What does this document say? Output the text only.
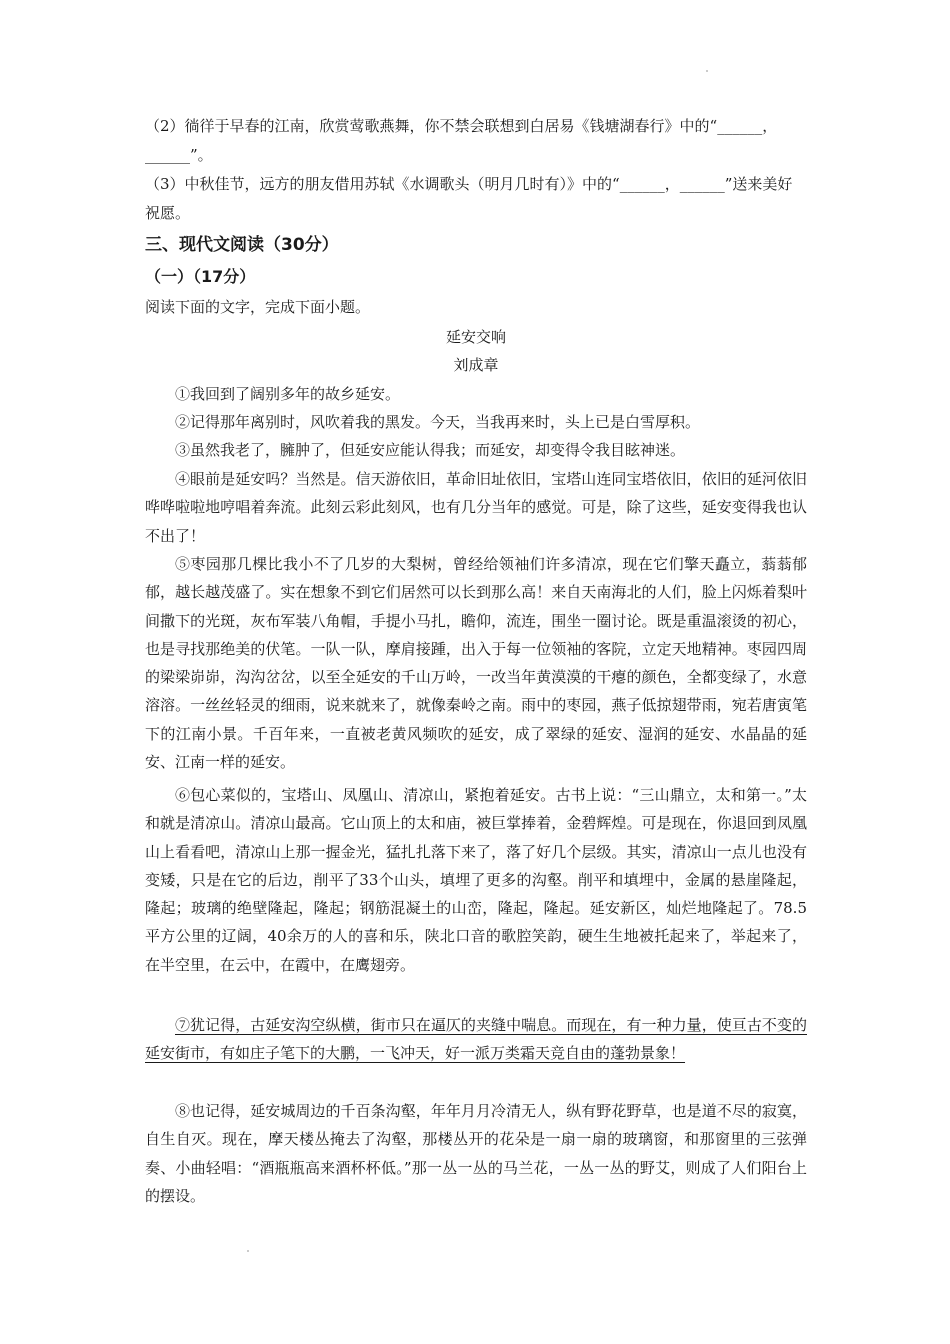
（2）徜徉于早春的江南，欣赏莺歌燕舞，你不禁会联想到白居易《钱塘湖春行》中的“______，______”。

（3）中秋佳节，远方的朋友借用苏轼《水调歌头（明月几时有）》中的“______，______”送来美好祝愿。

三、现代文阅读（30分）
（一）（17分）

阅读下面的文字，完成下面小题。

延安交响

刘成章

①我回到了阔别多年的故乡延安。

②记得那年离别时，风吹着我的黑发。今天，当我再来时，头上已是白雪厚积。

③虽然我老了，臃肿了，但延安应能认得我；而延安，却变得令我目眩神迷。

④眼前是延安吗？当然是。信天游依旧，革命旧址依旧，宝塔山连同宝塔依旧，依旧的延河依旧哗哗啦啦地哼唱着奔流。此刻云彩此刻风，也有几分当年的感觉。可是，除了这些，延安变得我也认不出了！

⑤枣园那几棵比我小不了几岁的大梨树，曾经给领袖们许多清凉，现在它们擎天矗立，蓊蓊郁郁，越长越茂盛了。实在想象不到它们居然可以长到那么高！来自天南海北的人们，脸上闪烁着梨叶间撒下的光斑，灰布军装八角帽，手提小马扎，瞻仰，流连，围坐一圈讨论。既是重温滚烫的初心，也是寻找那绝美的伏笔。一队一队，摩肩接踵，出入于每一位领袖的客院，立定天地精神。枣园四周的梁梁峁峁，沟沟岔岔，以至全延安的千山万岭，一改当年黄漠漠的干瘪的颜色，全都变绿了，水意溶溶。一丝丝轻灵的细雨，说来就来了，就像秦岭之南。雨中的枣园，燕子低掠翅带雨，宛若唐寅笔下的江南小景。千百年来，一直被老黄风频吹的延安，成了翠绿的延安、湿润的延安、水晶晶的延安、江南一样的延安。

⑥包心菜似的，宝塔山、凤凰山、清凉山，紧抱着延安。古书上说：“三山鼎立，太和第一。”太和就是清凉山。清凉山最高。它山顶上的太和庙，被巨掌捧着，金碧辉煌。可是现在，你退回到凤凰山上看看吧，清凉山上那一握金光，猛扎扎落下来了，落了好几个层级。其实，清凉山一点儿也没有变矮，只是在它的后边，削平了33个山头，填埋了更多的沟壑。削平和填埋中，金属的悬崖隆起，隆起；玻璃的绝壁隆起，隆起；钢筋混凝土的山峦，隆起，隆起。延安新区，灿烂地隆起了。78.5平方公里的辽阔，40余万的人的喜和乐，陕北口音的歌腔笑韵，硬生生地被托起来了，举起来了，在半空里，在云中，在霞中，在鹰翅旁。

⑦犹记得，古延安沟空纵横，街市只在逼仄的夹缝中喘息。而现在，有一种力量，使亘古不变的延安街市，有如庄子笔下的大鹏，一飞冲天，好一派万类霜天竞自由的蓬勃景象！

⑧也记得，延安城周边的千百条沟壑，年年月月冷清无人，纵有野花野草，也是道不尽的寂寞，自生自灭。现在，摩天楼丛掩去了沟壑，那楼丛开的花朵是一扇一扇的玻璃窗，和那窗里的三弦弹奏、小曲轻唱：“酒瓶瓶高来酒杯杯低。”那一丛一丛的马兰花，一丛一丛的野艾，则成了人们阳台上的摆设。
